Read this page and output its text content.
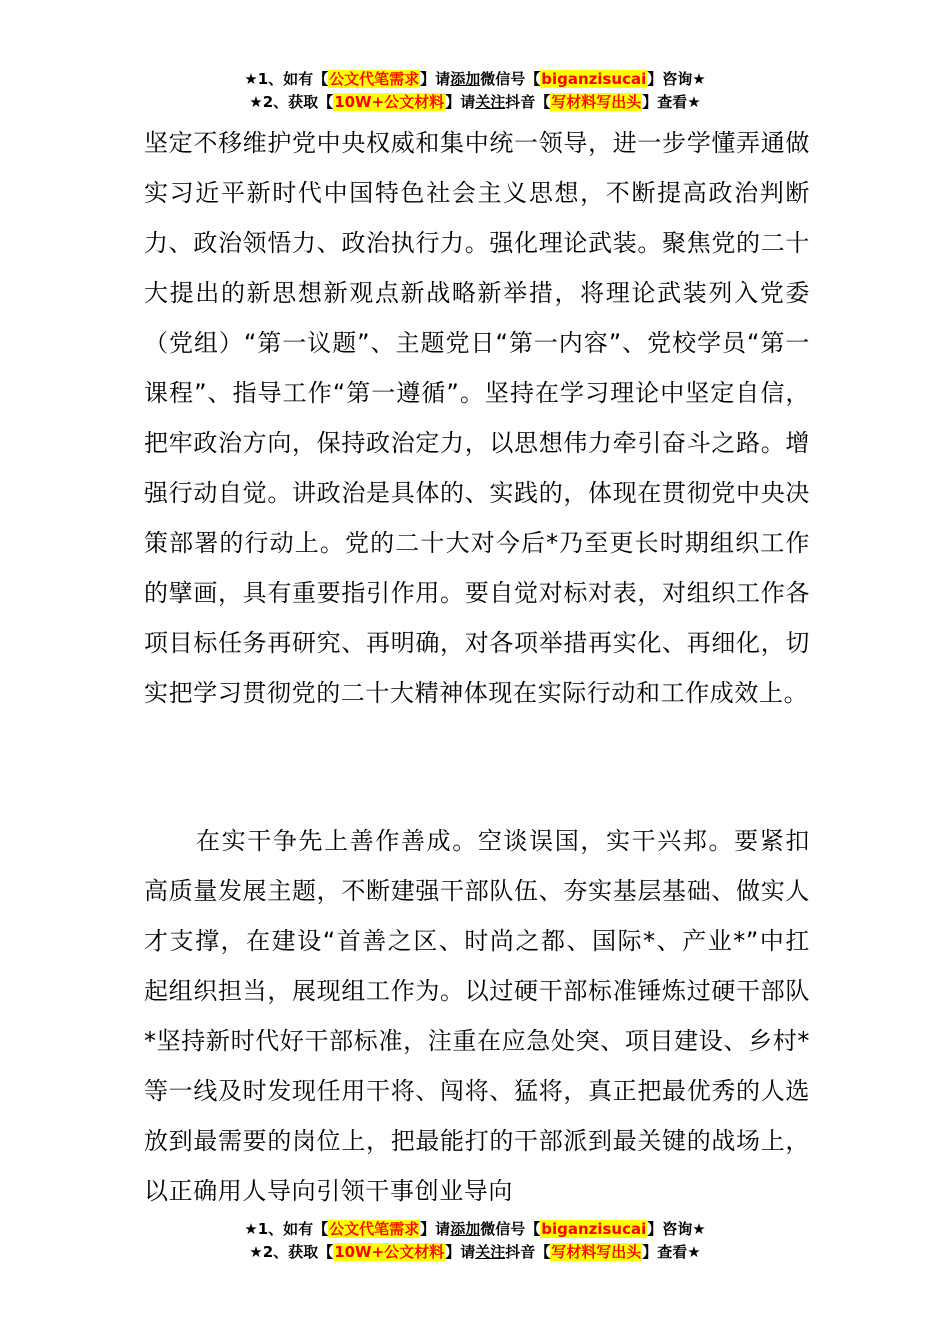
★1、如有【公文代笔需求】请添加微信号【biganzisucai】咨询★
★2、获取【10W+公文材料】请关注抖音【写材料写出头】查看★

坚定不移维护党中央权威和集中统一领导，进一步学懂弄通做实习近平新时代中国特色社会主义思想，不断提高政治判断力、政治领悟力、政治执行力。强化理论武装。聚焦党的二十大提出的新思想新观点新战略新举措，将理论武装列入党委（党组）“第一议题”、主题党日“第一内容”、党校学员“第一课程”、指导工作“第一遵循”。坚持在学习理论中坚定自信，把牢政治方向，保持政治定力，以思想伟力牵引奋斗之路。增强行动自觉。讲政治是具体的、实践的，体现在贯彻党中央决策部署的行动上。党的二十大对今后*乃至更长时期组织工作的擘画，具有重要指引作用。要自觉对标对表，对组织工作各项目标任务再研究、再明确，对各项举措再实化、再细化，切实把学习贯彻党的二十大精神体现在实际行动和工作成效上。

在实干争先上善作善成。空谈误国，实干兴邦。要紧扣高质量发展主题，不断建强干部队伍、夯实基层基础、做实人才支撑，在建设“首善之区、时尚之都、国际*、产业*”中扛起组织担当，展现组工作为。以过硬干部标准锤炼过硬干部队*坚持新时代好干部标准，注重在应急处突、项目建设、乡村*等一线及时发现任用干将、闯将、猛将，真正把最优秀的人选放到最需要的岗位上，把最能打的干部派到最关键的战场上，以正确用人导向引领干事创业导向

★1、如有【公文代笔需求】请添加微信号【biganzisucai】咨询★
★2、获取【10W+公文材料】请关注抖音【写材料写出头】查看★
